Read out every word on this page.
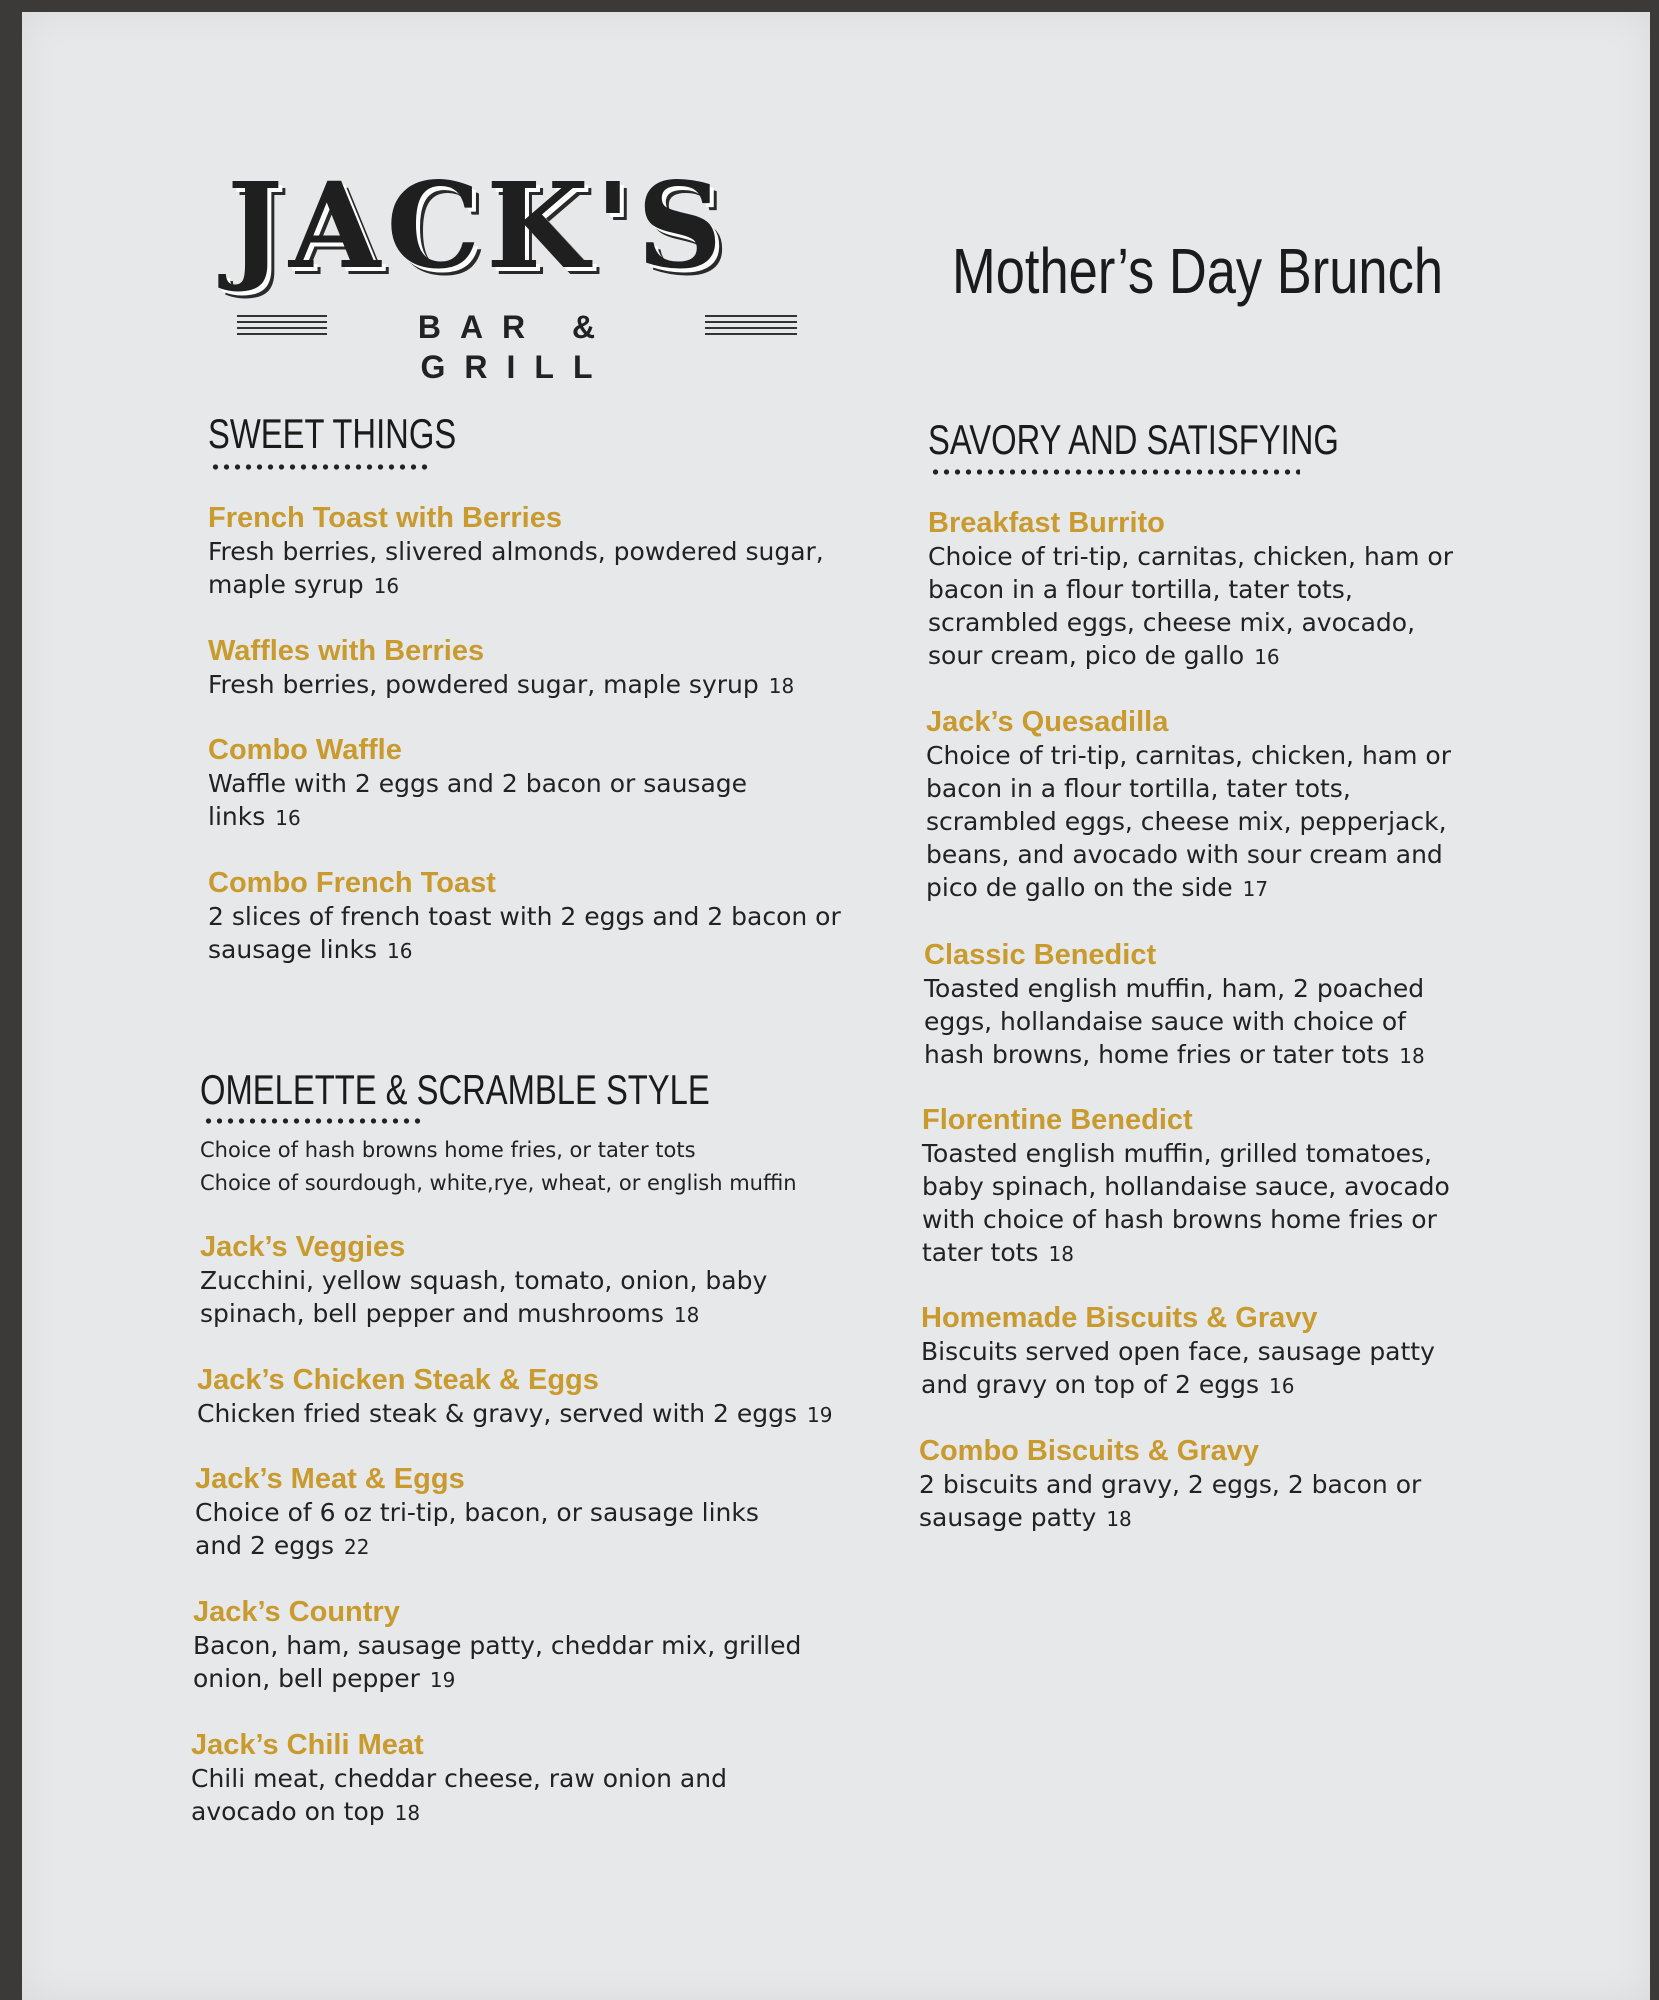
JACK'S
BAR & GRILL
Mother’s Day Brunch
SWEET THINGS
French Toast with Berries
Fresh berries, slivered almonds, powdered sugar, maple syrup 16
Waffles with Berries
Fresh berries, powdered sugar, maple syrup 18
Combo Waffle
Waffle with 2 eggs and 2 bacon or sausage links 16
Combo French Toast
2 slices of french toast with 2 eggs and 2 bacon or sausage links 16
OMELETTE & SCRAMBLE STYLE
Choice of hash browns home fries, or tater tots
Choice of sourdough, white,rye, wheat, or english muffin
Jack’s Veggies
Zucchini, yellow squash, tomato, onion, baby spinach, bell pepper and mushrooms 18
Jack’s Chicken Steak & Eggs
Chicken fried steak & gravy, served with 2 eggs 19
Jack’s Meat & Eggs
Choice of 6 oz tri-tip, bacon, or sausage links and 2 eggs 22
Jack’s Country
Bacon, ham, sausage patty, cheddar mix, grilled onion, bell pepper 19
Jack’s Chili Meat
Chili meat, cheddar cheese, raw onion and avocado on top 18
SAVORY AND SATISFYING
Breakfast Burrito
Choice of tri-tip, carnitas, chicken, ham or bacon in a flour tortilla, tater tots, scrambled eggs, cheese mix, avocado, sour cream, pico de gallo 16
Jack’s Quesadilla
Choice of tri-tip, carnitas, chicken, ham or bacon in a flour tortilla, tater tots, scrambled eggs, cheese mix, pepperjack, beans, and avocado with sour cream and pico de gallo on the side 17
Classic Benedict
Toasted english muffin, ham, 2 poached eggs, hollandaise sauce with choice of hash browns, home fries or tater tots 18
Florentine Benedict
Toasted english muffin, grilled tomatoes, baby spinach, hollandaise sauce, avocado with choice of hash browns home fries or tater tots 18
Homemade Biscuits & Gravy
Biscuits served open face, sausage patty and gravy on top of 2 eggs 16
Combo Biscuits & Gravy
2 biscuits and gravy, 2 eggs, 2 bacon or sausage patty 18
